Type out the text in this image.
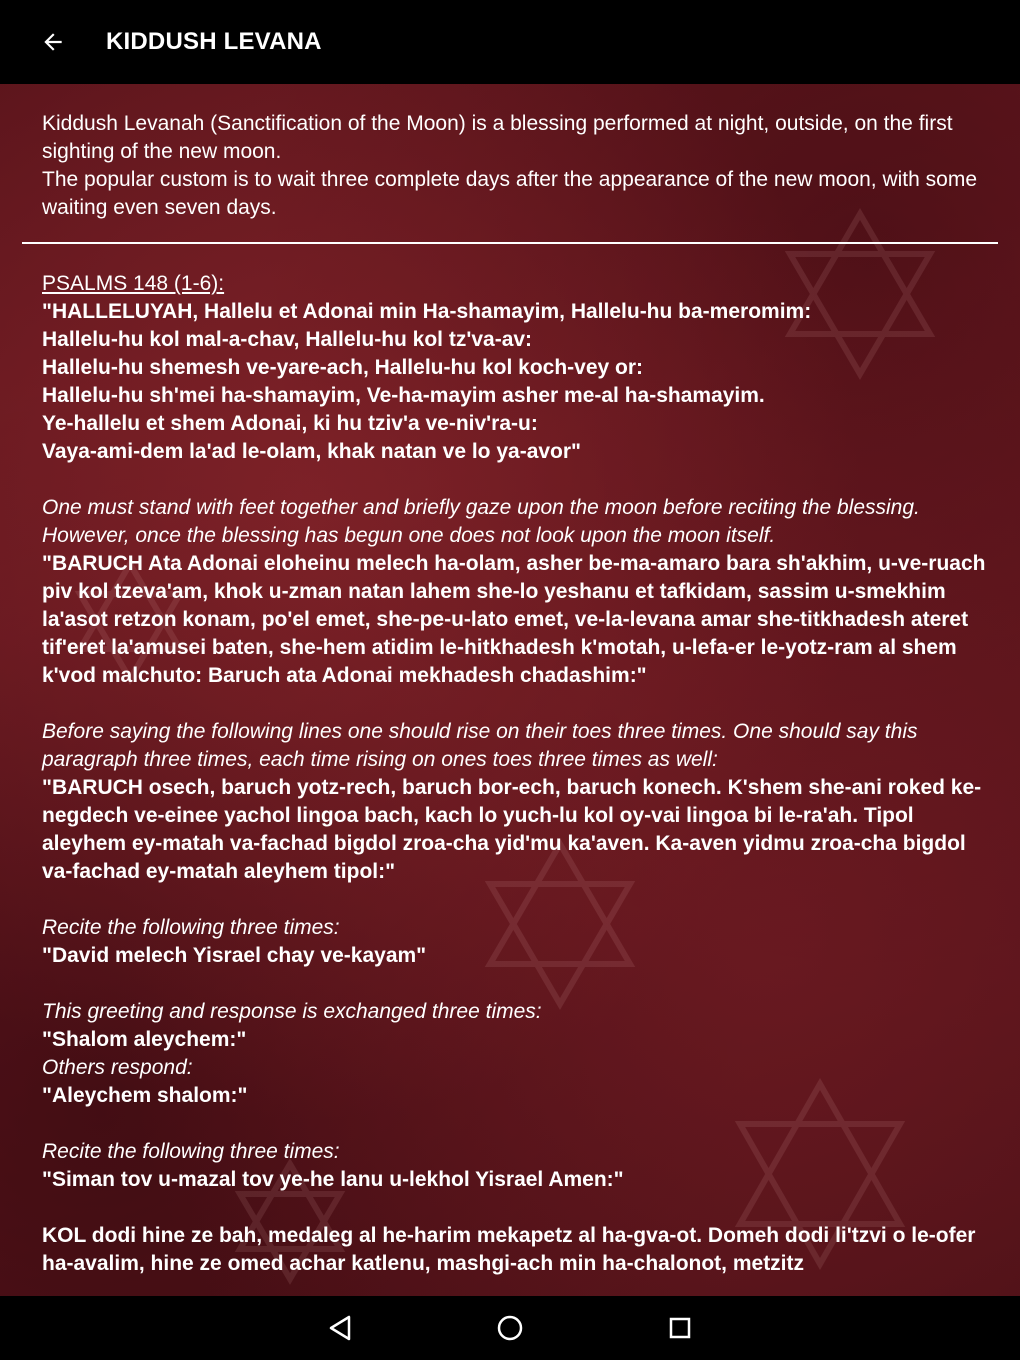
KIDDUSH LEVANA
Kiddush Levanah (Sanctification of the Moon) is a blessing performed at night, outside, on the first sighting of the new moon.
The popular custom is to wait three complete days after the appearance of the new moon, with some waiting even seven days.
PSALMS 148 (1-6):
"HALLELUYAH, Hallelu et Adonai min Ha-shamayim, Hallelu-hu ba-meromim:
Hallelu-hu kol mal-a-chav, Hallelu-hu kol tz'va-av:
Hallelu-hu shemesh ve-yare-ach, Hallelu-hu kol koch-vey or:
Hallelu-hu sh'mei ha-shamayim, Ve-ha-mayim asher me-al ha-shamayim.
Ye-hallelu et shem Adonai, ki hu tziv'a ve-niv'ra-u:
Vaya-ami-dem la'ad le-olam, khak natan ve lo ya-avor"
One must stand with feet together and briefly gaze upon the moon before reciting the blessing. However, once the blessing has begun one does not look upon the moon itself.
"BARUCH Ata Adonai eloheinu melech ha-olam, asher be-ma-amaro bara sh'akhim, u-ve-ruach piv kol tzeva'am, khok u-zman natan lahem she-lo yeshanu et tafkidam, sassim u-smekhim la'asot retzon konam, po'el emet, she-pe-u-lato emet, ve-la-levana amar she-titkhadesh ateret tif'eret la'amusei baten, she-hem atidim le-hitkhadesh k'motah, u-lefa-er le-yotz-ram al shem k'vod malchuto: Baruch ata Adonai mekhadesh chadashim:"
Before saying the following lines one should rise on their toes three times. One should say this paragraph three times, each time rising on ones toes three times as well:
"BARUCH osech, baruch yotz-rech, baruch bor-ech, baruch konech. K'shem she-ani roked ke-negdech ve-einee yachol lingoa bach, kach lo yuch-lu kol oy-vai lingoa bi le-ra'ah. Tipol aleyhem ey-matah va-fachad bigdol zroa-cha yid'mu ka'aven. Ka-aven yidmu zroa-cha bigdol va-fachad ey-matah aleyhem tipol:"
Recite the following three times:
"David melech Yisrael chay ve-kayam"
This greeting and response is exchanged three times:
"Shalom aleychem:"
Others respond:
"Aleychem shalom:"
Recite the following three times:
"Siman tov u-mazal tov ye-he lanu u-lekhol Yisrael Amen:"
KOL dodi hine ze bah, medaleg al he-harim mekapetz al ha-gva-ot. Domeh dodi li'tzvi o le-ofer ha-avalim, hine ze omed achar katlenu, mashgi-ach min ha-chalonot, metzitz
